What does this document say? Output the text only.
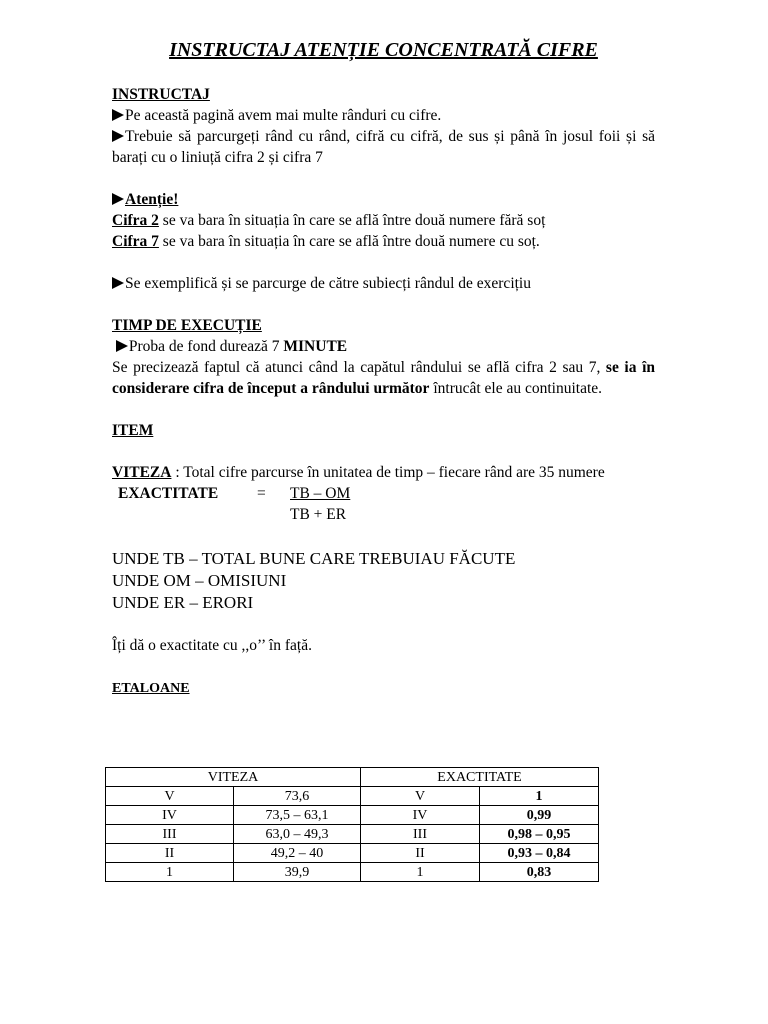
INSTRUCTAJ ATENȚIE CONCENTRATĂ CIFRE
INSTRUCTAJ
Pe această pagină avem mai multe rânduri cu cifre.
Trebuie să parcurgeți rând cu rând, cifră cu cifră, de sus și până în josul foii și să barați cu o liniuță cifra 2 și cifra 7
Atenție!
Cifra 2 se va bara în situația în care se află între două numere fără soț
Cifra 7 se va bara în situația în care se află între două numere cu soț.
Se exemplifică și se parcurge de către subiecți rândul de exercițiu
TIMP DE EXECUȚIE
Proba de fond durează 7 MINUTE
Se precizează faptul că atunci când la capătul rândului se află cifra 2 sau 7, se ia în considerare cifra de început a rândului următor întrucât ele au continuitate.
ITEM
VITEZA : Total cifre parcurse în unitatea de timp – fiecare rând are 35 numere
EXACTITATE	= TB – OM
TB + ER
UNDE TB – TOTAL BUNE CARE TREBUIAU FĂCUTE
UNDE OM – OMISIUNI
UNDE ER – ERORI
Îți dă o exactitate cu ,,o’’ în față.
ETALOANE
VITEZA		EXACTITATE	
V	73,6	V	1
IV	73,5 – 63,1	IV	0,99
III	63,0 – 49,3	III	0,98 – 0,95
II	49,2 – 40	II	0,93 – 0,84
1	39,9	1	0,83
